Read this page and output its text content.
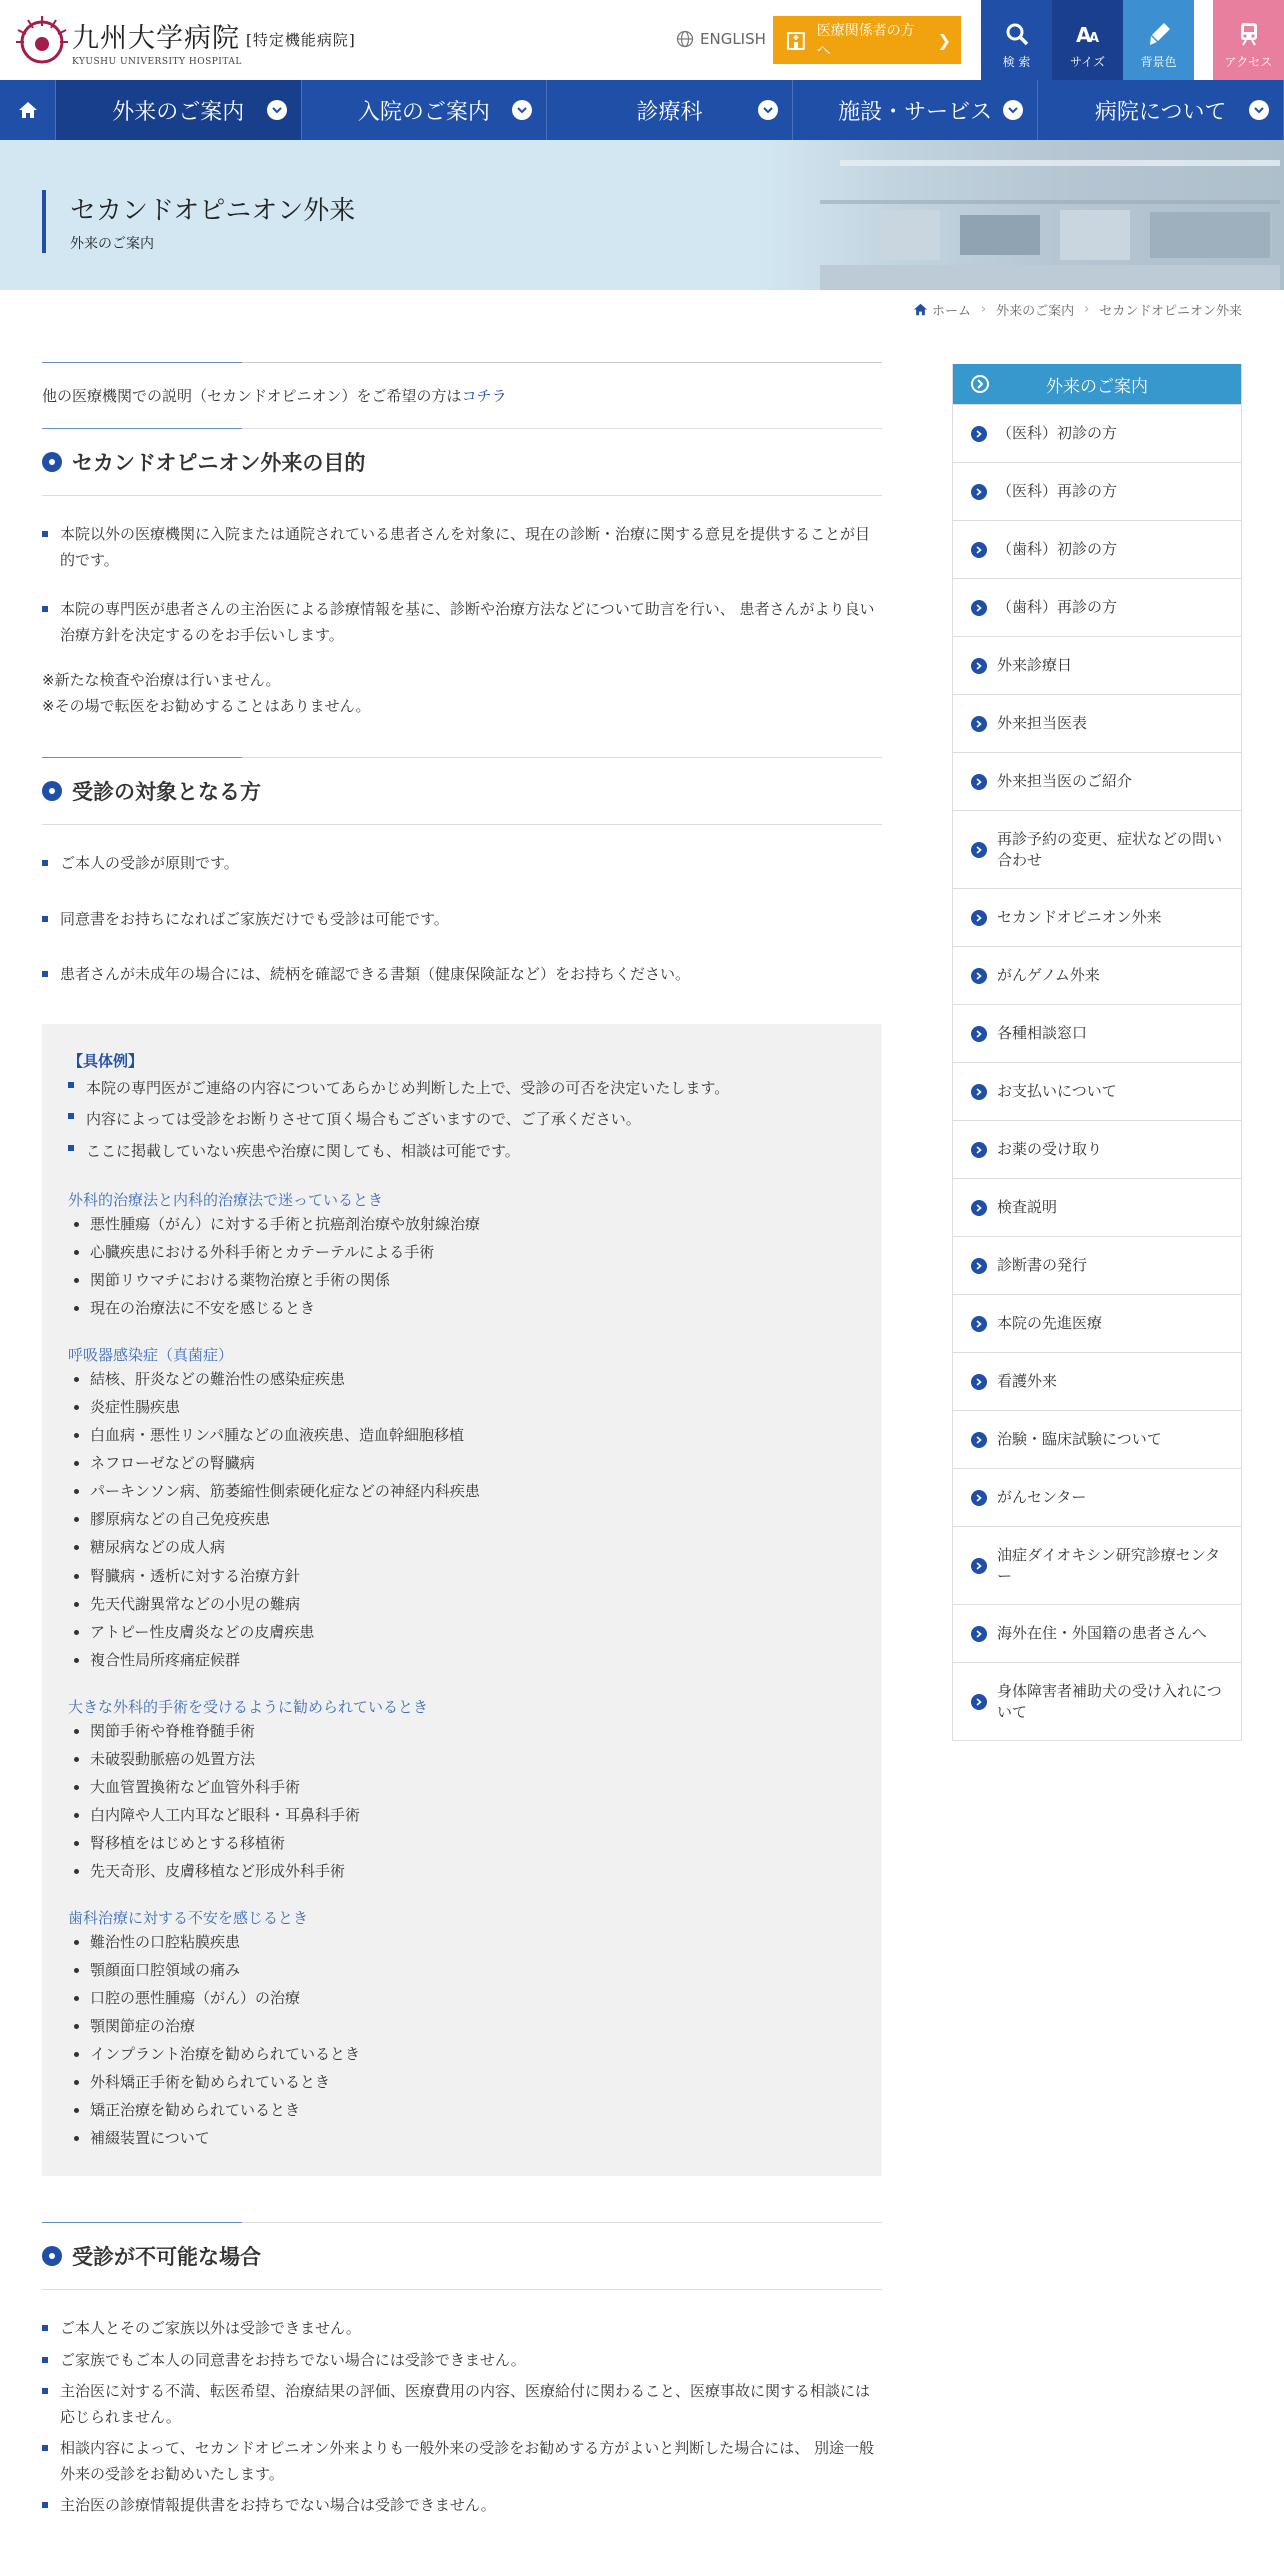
九州大学病院 [特定機能病院]
KYUSHU UNIVERSITY HOSPITAL
ENGLISH	医療関係者の方へ
❯
検 索
A
A
サイズ	背景色	アクセス
外来のご案内	入院のご案内	診療科	施設・サービス	病院について
セカンドオピニオン外来

外来のご案内

ホーム › 外来のご案内 › セカンドオピニオン外来

他の医療機関での説明（セカンドオピニオン）をご希望の方はコチラ

セカンドオピニオン外来の目的
本院以外の医療機関に入院または通院されている患者さんを対象に、現在の診断・治療に関する意見を提供することが目的です。
本院の専門医が患者さんの主治医による診療情報を基に、診断や治療方法などについて助言を行い、 患者さんがより良い治療方針を決定するのをお手伝いします。

※新たな検査や治療は行いません。

※その場で転医をお勧めすることはありません。

受診の対象となる方
ご本人の受診が原則です。
同意書をお持ちになればご家族だけでも受診は可能です。
患者さんが未成年の場合には、続柄を確認できる書類（健康保険証など）をお持ちください。

【具体例】

本院の専門医がご連絡の内容についてあらかじめ判断した上で、受診の可否を決定いたします。
内容によっては受診をお断りさせて頂く場合もございますので、ご了承ください。
ここに掲載していない疾患や治療に関しても、相談は可能です。

外科的治療法と内科的治療法で迷っているとき

• 悪性腫瘍（がん）に対する手術と抗癌剤治療や放射線治療
• 心臓疾患における外科手術とカテーテルによる手術
• 関節リウマチにおける薬物治療と手術の関係
• 現在の治療法に不安を感じるとき

呼吸器感染症（真菌症）

• 結核、肝炎などの難治性の感染症疾患
• 炎症性腸疾患
• 白血病・悪性リンパ腫などの血液疾患、造血幹細胞移植
• ネフローゼなどの腎臓病
• パーキンソン病、筋萎縮性側索硬化症などの神経内科疾患
• 膠原病などの自己免疫疾患
• 糖尿病などの成人病
• 腎臓病・透析に対する治療方針
• 先天代謝異常などの小児の難病
• アトピー性皮膚炎などの皮膚疾患
• 複合性局所疼痛症候群

大きな外科的手術を受けるように勧められているとき

• 関節手術や脊椎脊髄手術
• 未破裂動脈癌の処置方法
• 大血管置換術など血管外科手術
• 白内障や人工内耳など眼科・耳鼻科手術
• 腎移植をはじめとする移植術
• 先天奇形、皮膚移植など形成外科手術

歯科治療に対する不安を感じるとき

• 難治性の口腔粘膜疾患
• 顎顔面口腔領域の痛み
• 口腔の悪性腫瘍（がん）の治療
• 顎関節症の治療
• インプラント治療を勧められているとき
• 外科矯正手術を勧められているとき
• 矯正治療を勧められているとき
• 補綴装置について
受診が不可能な場合
ご本人とそのご家族以外は受診できません。
ご家族でもご本人の同意書をお持ちでない場合には受診できません。
主治医に対する不満、転医希望、治療結果の評価、医療費用の内容、医療給付に関わること、医療事故に関する相談には応じられません。
相談内容によって、セカンドオピニオン外来よりも一般外来の受診をお勧めする方がよいと判断した場合には、 別途一般外来の受診をお勧めいたします。
主治医の診療情報提供書をお持ちでない場合は受診できません。
外来のご案内
（医科）初診の方
（医科）再診の方
（歯科）初診の方
（歯科）再診の方
外来診療日
外来担当医表
外来担当医のご紹介
再診予約の変更、症状などの問い合わせ
セカンドオピニオン外来
がんゲノム外来
各種相談窓口
お支払いについて
お薬の受け取り
検査説明
診断書の発行
本院の先進医療
看護外来
治験・臨床試験について
がんセンター
油症ダイオキシン研究診療センター
海外在住・外国籍の患者さんへ
身体障害者補助犬の受け入れについて
